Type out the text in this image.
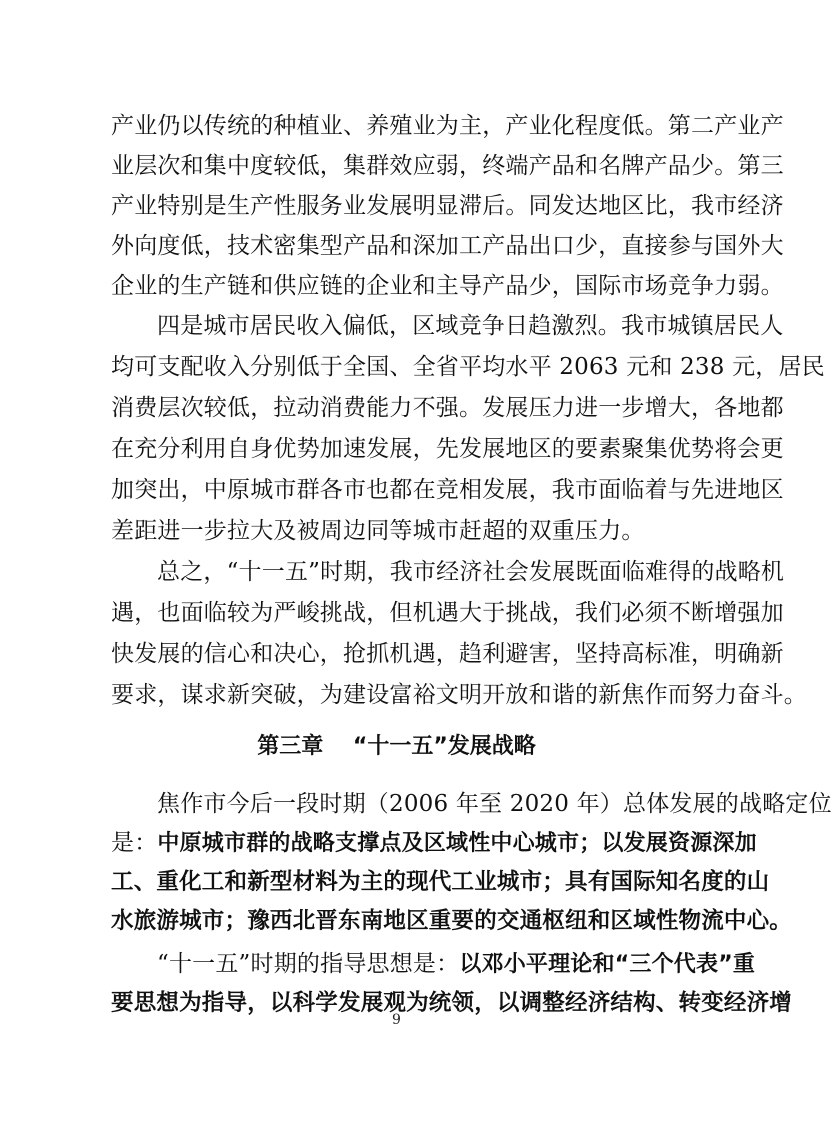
产业仍以传统的种植业、养殖业为主，产业化程度低。第二产业产
业层次和集中度较低，集群效应弱，终端产品和名牌产品少。第三
产业特别是生产性服务业发展明显滞后。同发达地区比，我市经济
外向度低，技术密集型产品和深加工产品出口少，直接参与国外大
企业的生产链和供应链的企业和主导产品少，国际市场竞争力弱。
四是城市居民收入偏低，区域竞争日趋激烈。我市城镇居民人
均可支配收入分别低于全国、全省平均水平 2063 元和 238 元，居民
消费层次较低，拉动消费能力不强。发展压力进一步增大，各地都
在充分利用自身优势加速发展，先发展地区的要素聚集优势将会更
加突出，中原城市群各市也都在竞相发展，我市面临着与先进地区
差距进一步拉大及被周边同等城市赶超的双重压力。
总之，“十一五”时期，我市经济社会发展既面临难得的战略机
遇，也面临较为严峻挑战，但机遇大于挑战，我们必须不断增强加
快发展的信心和决心，抢抓机遇，趋利避害，坚持高标准，明确新
要求，谋求新突破，为建设富裕文明开放和谐的新焦作而努力奋斗。
第三章　 “十一五”发展战略
焦作市今后一段时期（2006 年至 2020 年）总体发展的战略定位
是：中原城市群的战略支撑点及区域性中心城市；以发展资源深加
工、重化工和新型材料为主的现代工业城市；具有国际知名度的山
水旅游城市；豫西北晋东南地区重要的交通枢纽和区域性物流中心。
“十一五”时期的指导思想是：以邓小平理论和“三个代表”重
要思想为指导，以科学发展观为统领，以调整经济结构、转变经济增
9
